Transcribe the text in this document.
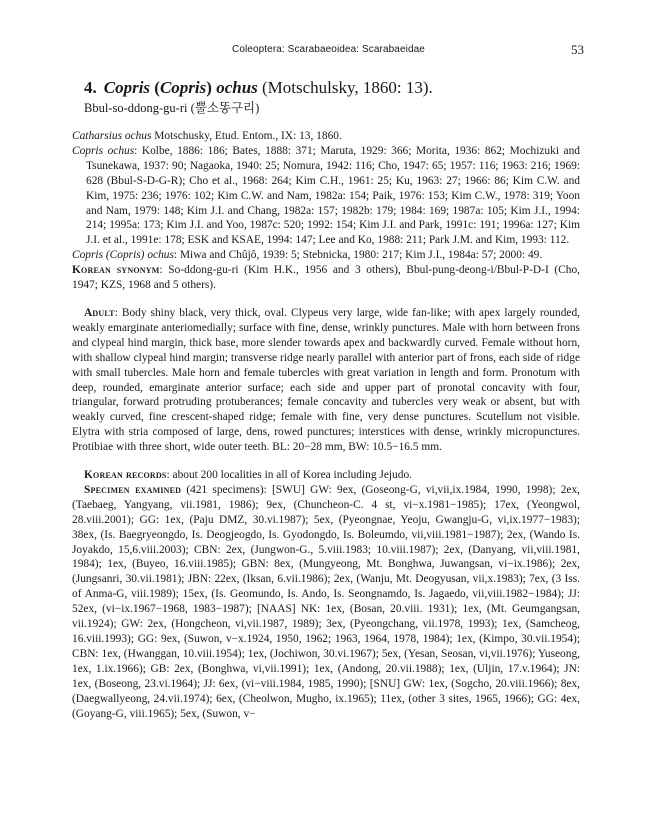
Coleoptera: Scarabaeoidea: Scarabaeidae	53

4. Copris (Copris) ochus (Motschulsky, 1860: 13).

Bbul-so-ddong-gu-ri (뿔소똥구리)

Catharsius ochus Motschusky, Etud. Entom., IX: 13, 1860.

Copris ochus: Kolbe, 1886: 186; Bates, 1888: 371; Maruta, 1929: 366; Morita, 1936: 862; Mochizuki and Tsunekawa, 1937: 90; Nagaoka, 1940: 25; Nomura, 1942: 116; Cho, 1947: 65; 1957: 116; 1963: 216; 1969: 628 (Bbul-S-D-G-R); Cho et al., 1968: 264; Kim C.H., 1961: 25; Ku, 1963: 27; 1966: 86; Kim C.W. and Kim, 1975: 236; 1976: 102; Kim C.W. and Nam, 1982a: 154; Paik, 1976: 153; Kim C.W., 1978: 319; Yoon and Nam, 1979: 148; Kim J.I. and Chang, 1982a: 157; 1982b: 179; 1984: 169; 1987a: 105; Kim J.I., 1994: 214; 1995a: 173; Kim J.I. and Yoo, 1987c: 520; 1992: 154; Kim J.I. and Park, 1991c: 191; 1996a: 127; Kim J.I. et al., 1991e: 178; ESK and KSAE, 1994: 147; Lee and Ko, 1988: 211; Park J.M. and Kim, 1993: 112.

Copris (Copris) ochus: Miwa and Chûjô, 1939: 5; Stebnicka, 1980: 217; Kim J.I., 1984a: 57; 2000: 49.

Korean synonym: So-ddong-gu-ri (Kim H.K., 1956 and 3 others), Bbul-pung-deong-i/Bbul-P-D-I (Cho, 1947; KZS, 1968 and 5 others).

Adult: Body shiny black, very thick, oval. Clypeus very large, wide fan-like; with apex largely rounded, weakly emarginate anteriomedially; surface with fine, dense, wrinkly punctures. Male with horn between frons and clypeal hind margin, thick base, more slender towards apex and backwardly curved. Female without horn, with shallow clypeal hind margin; transverse ridge nearly parallel with anterior part of frons, each side of ridge with small tubercles. Male horn and female tubercles with great variation in length and form. Pronotum with deep, rounded, emarginate anterior surface; each side and upper part of pronotal concavity with four, triangular, forward protruding protuberances; female concavity and tubercles very weak or absent, but with weakly curved, fine crescent-shaped ridge; female with fine, very dense punctures. Scutellum not visible. Elytra with stria composed of large, dens, rowed punctures; interstices with dense, wrinkly micropunctures. Protibiae with three short, wide outer teeth. BL: 20−28 mm, BW: 10.5−16.5 mm.

Korean records: about 200 localities in all of Korea including Jejudo.

Specimen examined (421 specimens): [SWU] GW: 9ex, (Goseong-G, vi,vii,ix.1984, 1990, 1998); 2ex, (Taebaeg, Yangyang, vii.1981, 1986); 9ex, (Chuncheon-C. 4 st, vi−x.1981−1985); 17ex, (Yeongwol, 28.viii.2001); GG: 1ex, (Paju DMZ, 30.vi.1987); 5ex, (Pyeongnae, Yeoju, Gwangju-G, vi,ix.1977−1983); 38ex, (Is. Baegryeongdo, Is. Deogjeogdo, Is. Gyodongdo, Is. Boleumdo, vii,viii.1981−1987); 2ex, (Wando Is. Joyakdo, 15,6.viii.2003); CBN: 2ex, (Jungwon-G., 5.viii.1983; 10.viii.1987); 2ex, (Danyang, vii,viii.1981, 1984); 1ex, (Buyeo, 16.viii.1985); GBN: 8ex, (Mungyeong, Mt. Bonghwa, Juwangsan, vi−ix.1986); 2ex, (Jungsanri, 30.vii.1981); JBN: 22ex, (Iksan, 6.vii.1986); 2ex, (Wanju, Mt. Deogyusan, vii,x.1983); 7ex, (3 Iss. of Anma-G, viii.1989); 15ex, (Is. Geomundo, Is. Ando, Is. Seongnamdo, Is. Jagaedo, vii,viii.1982−1984); JJ: 52ex, (vi−ix.1967−1968, 1983−1987); [NAAS] NK: 1ex, (Bosan, 20.viii. 1931); 1ex, (Mt. Geumgangsan, vii.1924); GW: 2ex, (Hongcheon, vi,vii.1987, 1989); 3ex, (Pyeongchang, vii.1978, 1993); 1ex, (Samcheog, 16.viii.1993); GG: 9ex, (Suwon, v−x.1924, 1950, 1962; 1963, 1964, 1978, 1984); 1ex, (Kimpo, 30.vii.1954); CBN: 1ex, (Hwanggan, 10.viii.1954); 1ex, (Jochiwon, 30.vi.1967); 5ex, (Yesan, Seosan, vi,vii.1976); Yuseong, 1ex, 1.ix.1966); GB: 2ex, (Bonghwa, vi,vii.1991); 1ex, (Andong, 20.vii.1988); 1ex, (Uljin, 17.v.1964); JN: 1ex, (Boseong, 23.vi.1964); JJ: 6ex, (vi−viii.1984, 1985, 1990); [SNU] GW: 1ex, (Sogcho, 20.viii.1966); 8ex, (Daegwallyeong, 24.vii.1974); 6ex, (Cheolwon, Mugho, ix.1965); 11ex, (other 3 sites, 1965, 1966); GG: 4ex, (Goyang-G, viii.1965); 5ex, (Suwon, v−
